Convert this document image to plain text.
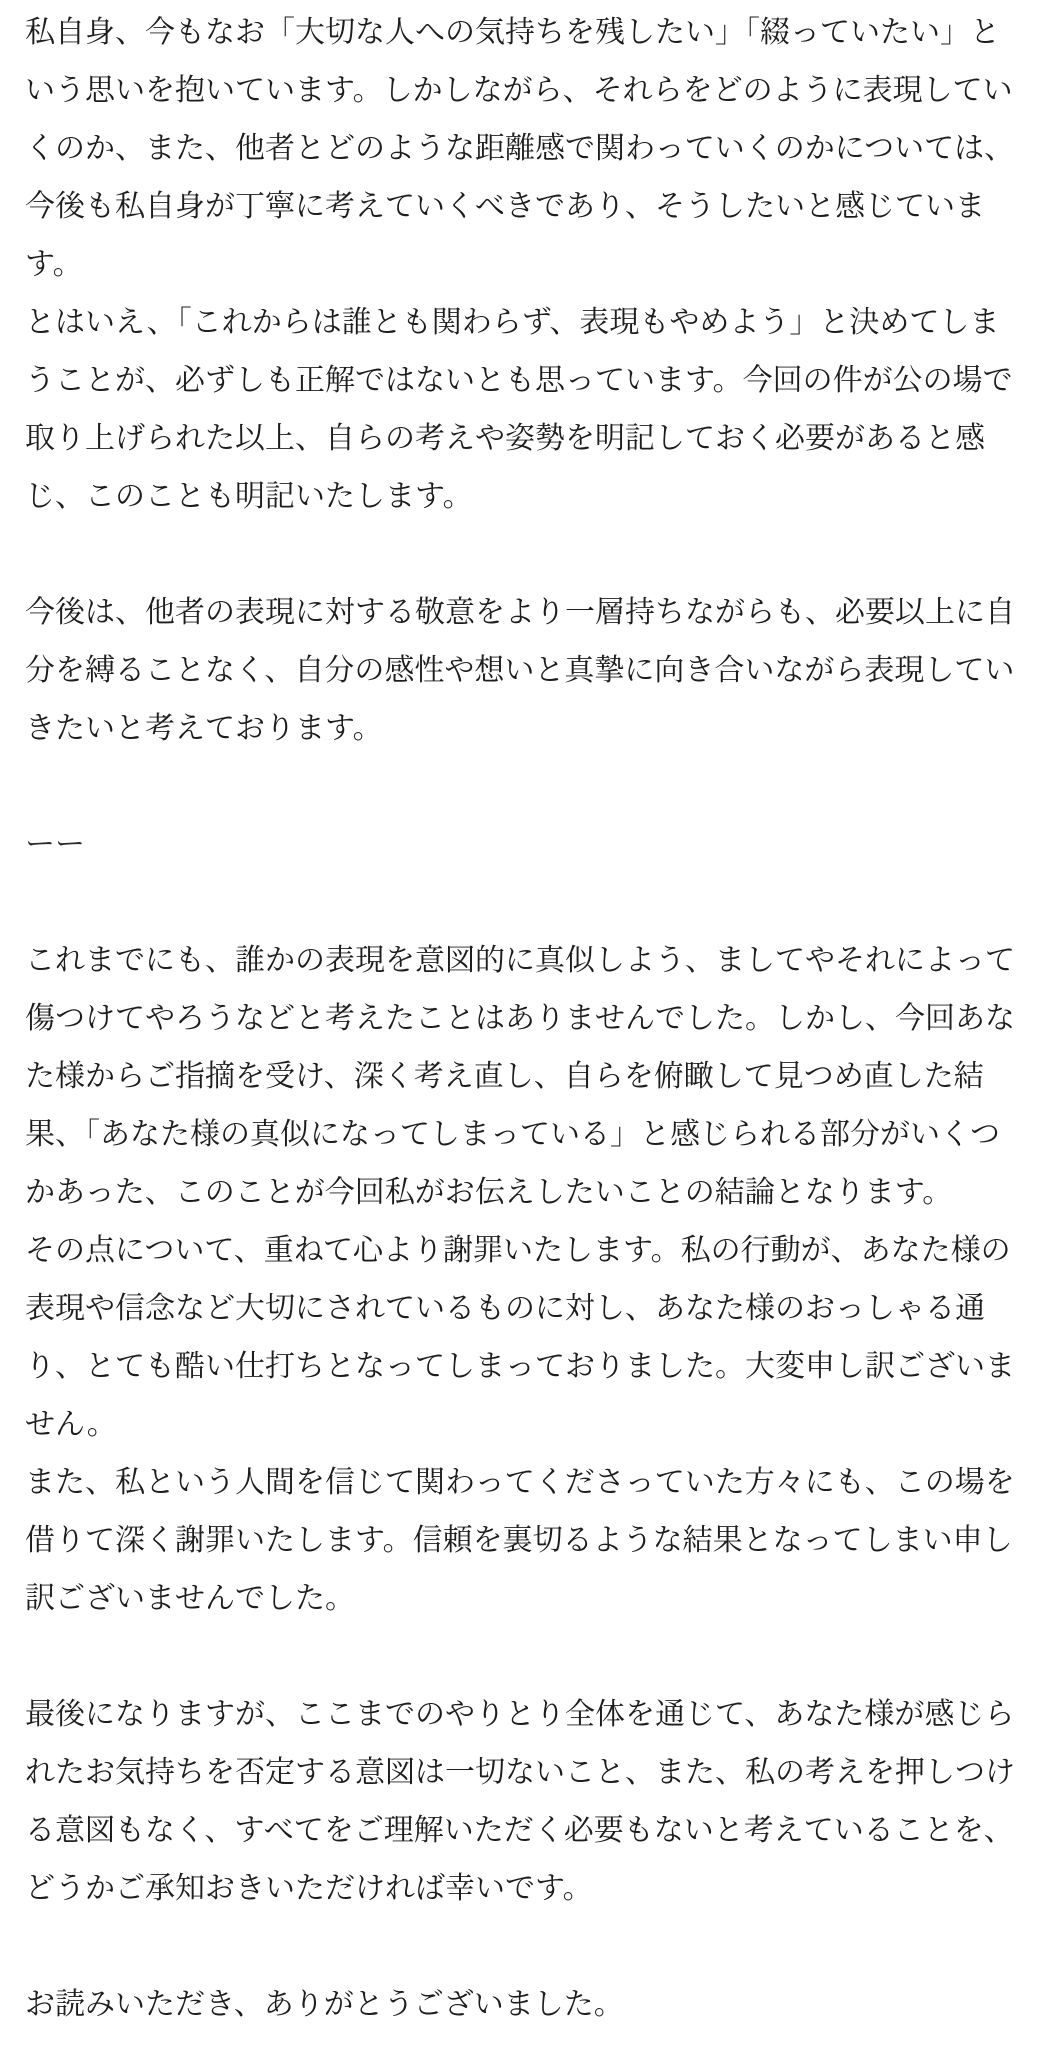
私自身、今もなお「大切な人への気持ちを残したい」「綴っていたい」という思いを抱いています。しかしながら、それらをどのように表現していくのか、また、他者とどのような距離感で関わっていくのかについては、今後も私自身が丁寧に考えていくべきであり、そうしたいと感じています。

とはいえ、「これからは誰とも関わらず、表現もやめよう」と決めてしまうことが、必ずしも正解ではないとも思っています。今回の件が公の場で取り上げられた以上、自らの考えや姿勢を明記しておく必要があると感じ、このことも明記いたします。

今後は、他者の表現に対する敬意をより一層持ちながらも、必要以上に自分を縛ることなく、自分の感性や想いと真摯に向き合いながら表現していきたいと考えております。

ーー

これまでにも、誰かの表現を意図的に真似しよう、ましてやそれによって傷つけてやろうなどと考えたことはありませんでした。しかし、今回あなた様からご指摘を受け、深く考え直し、自らを俯瞰して見つめ直した結果、「あなた様の真似になってしまっている」と感じられる部分がいくつかあった、このことが今回私がお伝えしたいことの結論となります。

その点について、重ねて心より謝罪いたします。私の行動が、あなた様の表現や信念など大切にされているものに対し、あなた様のおっしゃる通り、とても酷い仕打ちとなってしまっておりました。大変申し訳ございません。

また、私という人間を信じて関わってくださっていた方々にも、この場を借りて深く謝罪いたします。信頼を裏切るような結果となってしまい申し訳ございませんでした。

最後になりますが、ここまでのやりとり全体を通じて、あなた様が感じられたお気持ちを否定する意図は一切ないこと、また、私の考えを押しつける意図もなく、すべてをご理解いただく必要もないと考えていることを、どうかご承知おきいただければ幸いです。

お読みいただき、ありがとうございました。
